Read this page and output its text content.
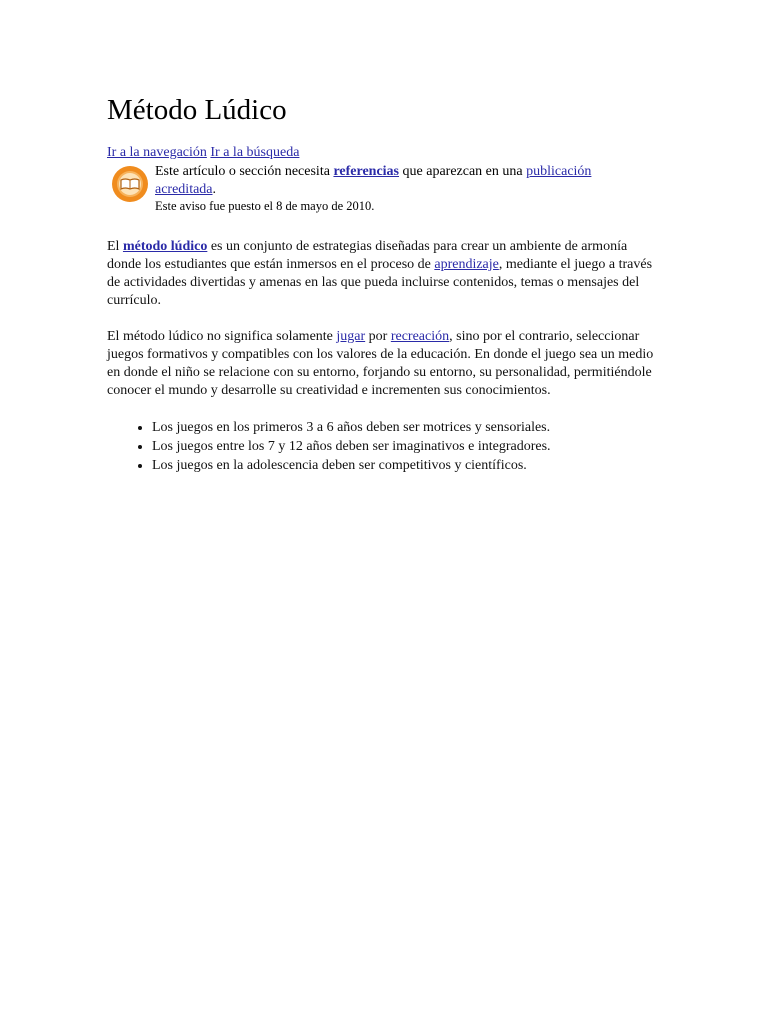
Método Lúdico
Ir a la navegación Ir a la búsqueda
Este artículo o sección necesita referencias que aparezcan en una publicación acreditada.
Este aviso fue puesto el 8 de mayo de 2010.

El método lúdico es un conjunto de estrategias diseñadas para crear un ambiente de armonía donde los estudiantes que están inmersos en el proceso de aprendizaje, mediante el juego a través de actividades divertidas y amenas en las que pueda incluirse contenidos, temas o mensajes del currículo.

El método lúdico no significa solamente jugar por recreación, sino por el contrario, seleccionar juegos formativos y compatibles con los valores de la educación. En donde el juego sea un medio en donde el niño se relacione con su entorno, forjando su entorno, su personalidad, permitiéndole conocer el mundo y desarrolle su creatividad e incrementen sus conocimientos.

• Los juegos en los primeros 3 a 6 años deben ser motrices y sensoriales.
• Los juegos entre los 7 y 12 años deben ser imaginativos e integradores.
• Los juegos en la adolescencia deben ser competitivos y científicos.
